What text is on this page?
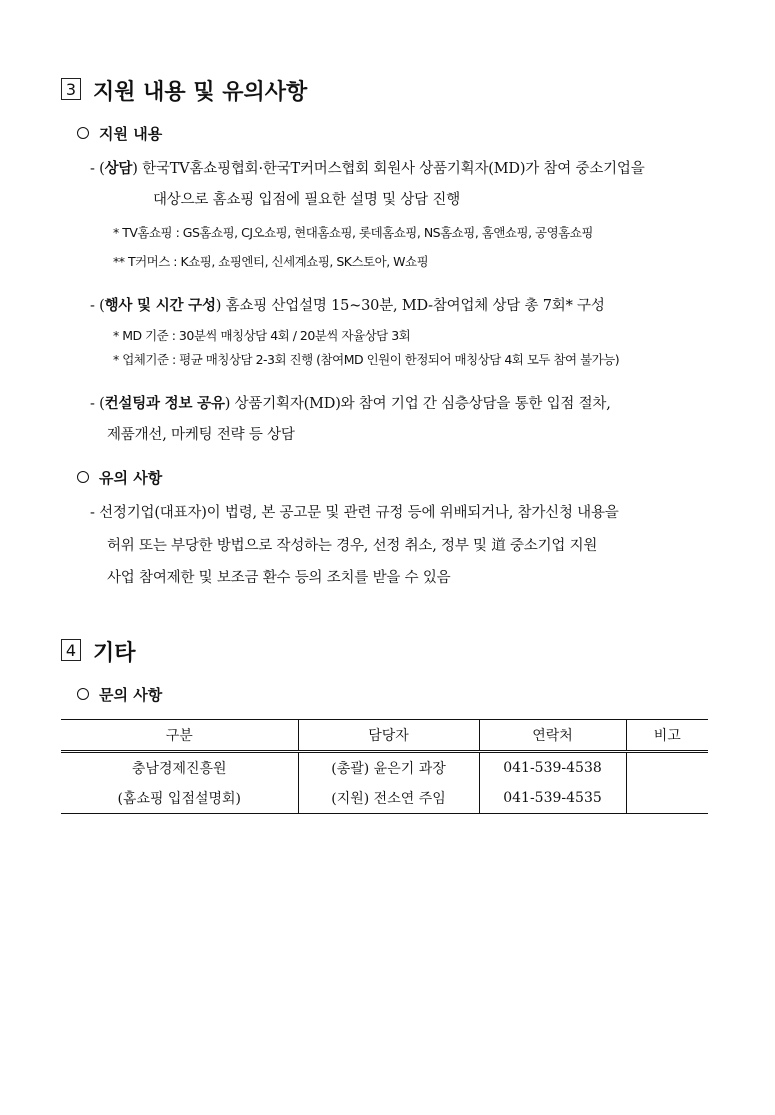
3 지원 내용 및 유의사항
지원 내용
- (상담) 한국TV홈쇼핑협회·한국T커머스협회 회원사 상품기획자(MD)가 참여 중소기업을
대상으로 홈쇼핑 입점에 필요한 설명 및 상담 진행
* TV홈쇼핑 : GS홈쇼핑, CJ오쇼핑, 현대홈쇼핑, 롯데홈쇼핑, NS홈쇼핑, 홈앤쇼핑, 공영홈쇼핑
** T커머스 : K쇼핑, 쇼핑엔티, 신세계쇼핑, SK스토아, W쇼핑
- (행사 및 시간 구성) 홈쇼핑 산업설명 15~30분, MD-참여업체 상담 총 7회* 구성
* MD 기준 : 30분씩 매칭상담 4회 / 20분씩 자율상담 3회
* 업체기준 : 평균 매칭상담 2-3회 진행 (참여MD 인원이 한정되어 매칭상담 4회 모두 참여 불가능)
- (컨설팅과 정보 공유) 상품기획자(MD)와 참여 기업 간 심층상담을 통한 입점 절차,
제품개선, 마케팅 전략 등 상담
유의 사항
- 선정기업(대표자)이 법령, 본 공고문 및 관련 규정 등에 위배되거나, 참가신청 내용을
허위 또는 부당한 방법으로 작성하는 경우, 선정 취소, 정부 및 道 중소기업 지원
사업 참여제한 및 보조금 환수 등의 조치를 받을 수 있음
4 기타
문의 사항
구분	담당자	연락처	비고
충남경제진흥원	(총괄) 윤은기 과장	041-539-4538	
(홈쇼핑 입점설명회)	(지원) 전소연 주임	041-539-4535	
